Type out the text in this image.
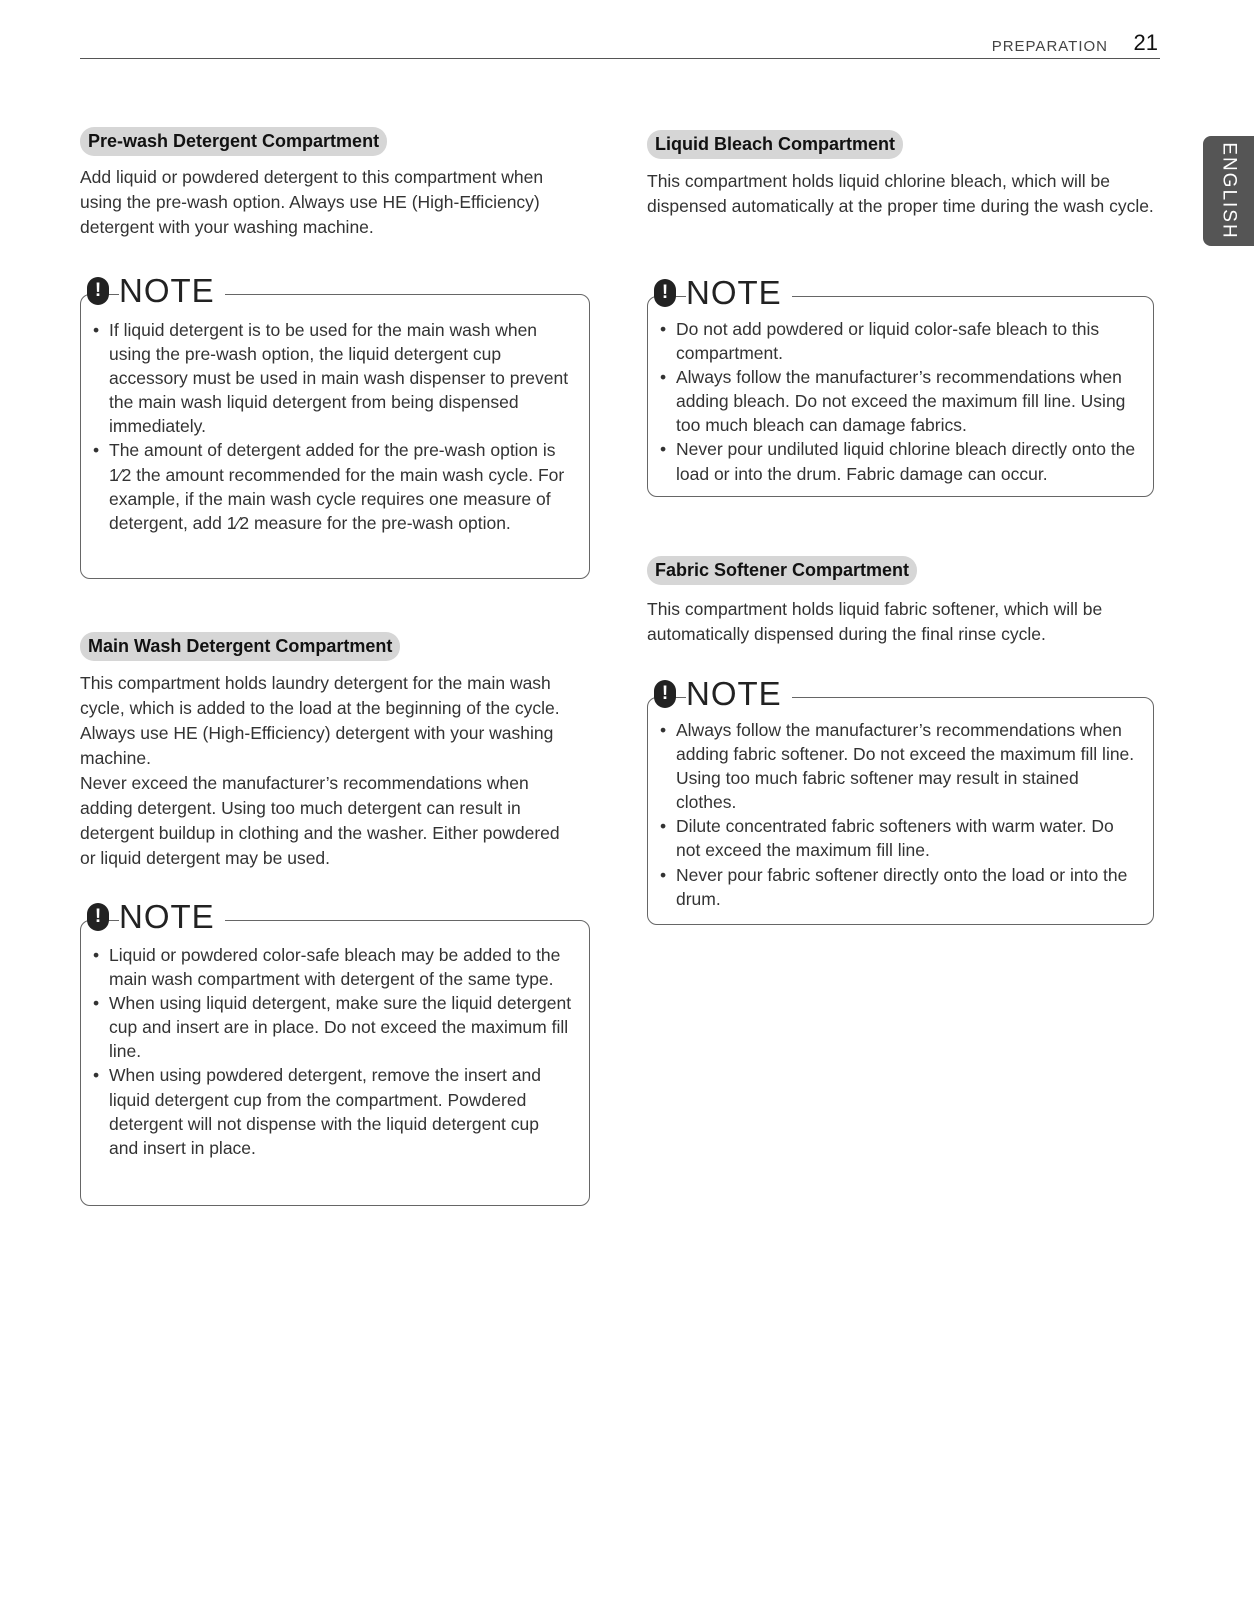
PREPARATION 21
ENGLISH
Pre-wash Detergent Compartment

Add liquid or powdered detergent to this compartment when using the pre-wash option. Always use HE (High-Efficiency) detergent with your washing machine.

! NOTE
• If liquid detergent is to be used for the main wash when using the pre-wash option, the liquid detergent cup accessory must be used in main wash dispenser to prevent the main wash liquid detergent from being dispensed immediately.
• The amount of detergent added for the pre-wash option is 1⁄2 the amount recommended for the main wash cycle. For example, if the main wash cycle requires one measure of detergent, add 1⁄2 measure for the pre-wash option.
Main Wash Detergent Compartment

This compartment holds laundry detergent for the main wash cycle, which is added to the load at the beginning of the cycle. Always use HE (High-Efficiency) detergent with your washing machine.

Never exceed the manufacturer’s recommendations when adding detergent. Using too much detergent can result in detergent buildup in clothing and the washer. Either powdered or liquid detergent may be used.

! NOTE
• Liquid or powdered color-safe bleach may be added to the main wash compartment with detergent of the same type.
• When using liquid detergent, make sure the liquid detergent cup and insert are in place. Do not exceed the maximum fill line.
• When using powdered detergent, remove the insert and liquid detergent cup from the compartment. Powdered detergent will not dispense with the liquid detergent cup and insert in place.
Liquid Bleach Compartment

This compartment holds liquid chlorine bleach, which will be dispensed automatically at the proper time during the wash cycle.

! NOTE
• Do not add powdered or liquid color-safe bleach to this compartment.
• Always follow the manufacturer’s recommendations when adding bleach. Do not exceed the maximum fill line. Using too much bleach can damage fabrics.
• Never pour undiluted liquid chlorine bleach directly onto the load or into the drum. Fabric damage can occur.
Fabric Softener Compartment

This compartment holds liquid fabric softener, which will be automatically dispensed during the final rinse cycle.

! NOTE
• Always follow the manufacturer’s recommendations when adding fabric softener. Do not exceed the maximum fill line. Using too much fabric softener may result in stained clothes.
• Dilute concentrated fabric softeners with warm water. Do not exceed the maximum fill line.
• Never pour fabric softener directly onto the load or into the drum.
